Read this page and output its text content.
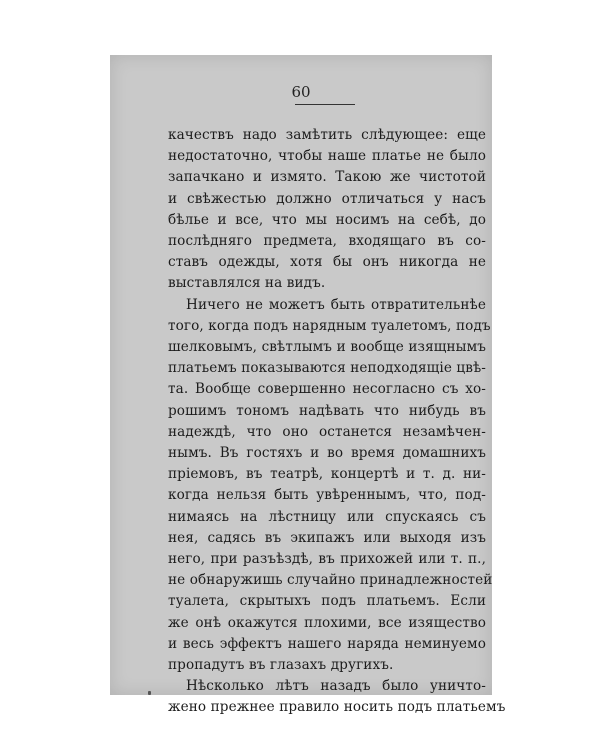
60
качествъ надо замѣтить слѣдующее: еще
недостаточно, чтобы наше платье не было
запачкано и измято. Такою же чистотой
и свѣжестью должно отличаться у насъ
бѣлье и все, что мы носимъ на себѣ, до
послѣдняго предмета, входящаго въ со-
ставъ одежды, хотя бы онъ никогда не
выставлялся на видъ.
Ничего не можетъ быть отвратительнѣе
того, когда подъ нарядным туалетомъ, подъ
шелковымъ, свѣтлымъ и вообще изящнымъ
платьемъ показываются неподходящіе цвѣ-
та. Вообще совершенно несогласно съ хо-
рошимъ тономъ надѣвать что нибудь въ
надеждѣ, что оно останется незамѣчен-
нымъ. Въ гостяхъ и во время домашнихъ
пріемовъ, въ театрѣ, концертѣ и т. д. ни-
когда нельзя быть увѣреннымъ, что, под-
нимаясь на лѣстницу или спускаясь съ
нея, садясь въ экипажъ или выходя изъ
него, при разъѣздѣ, въ прихожей или т. п.,
не обнаружишь случайно принадлежностей
туалета, скрытыхъ подъ платьемъ. Если
же онѣ окажутся плохими, все изящество
и весь эффектъ нашего наряда неминуемо
пропадутъ въ глазахъ другихъ.
Нѣсколько лѣтъ назадъ было уничто-
жено прежнее правило носить подъ платьемъ
